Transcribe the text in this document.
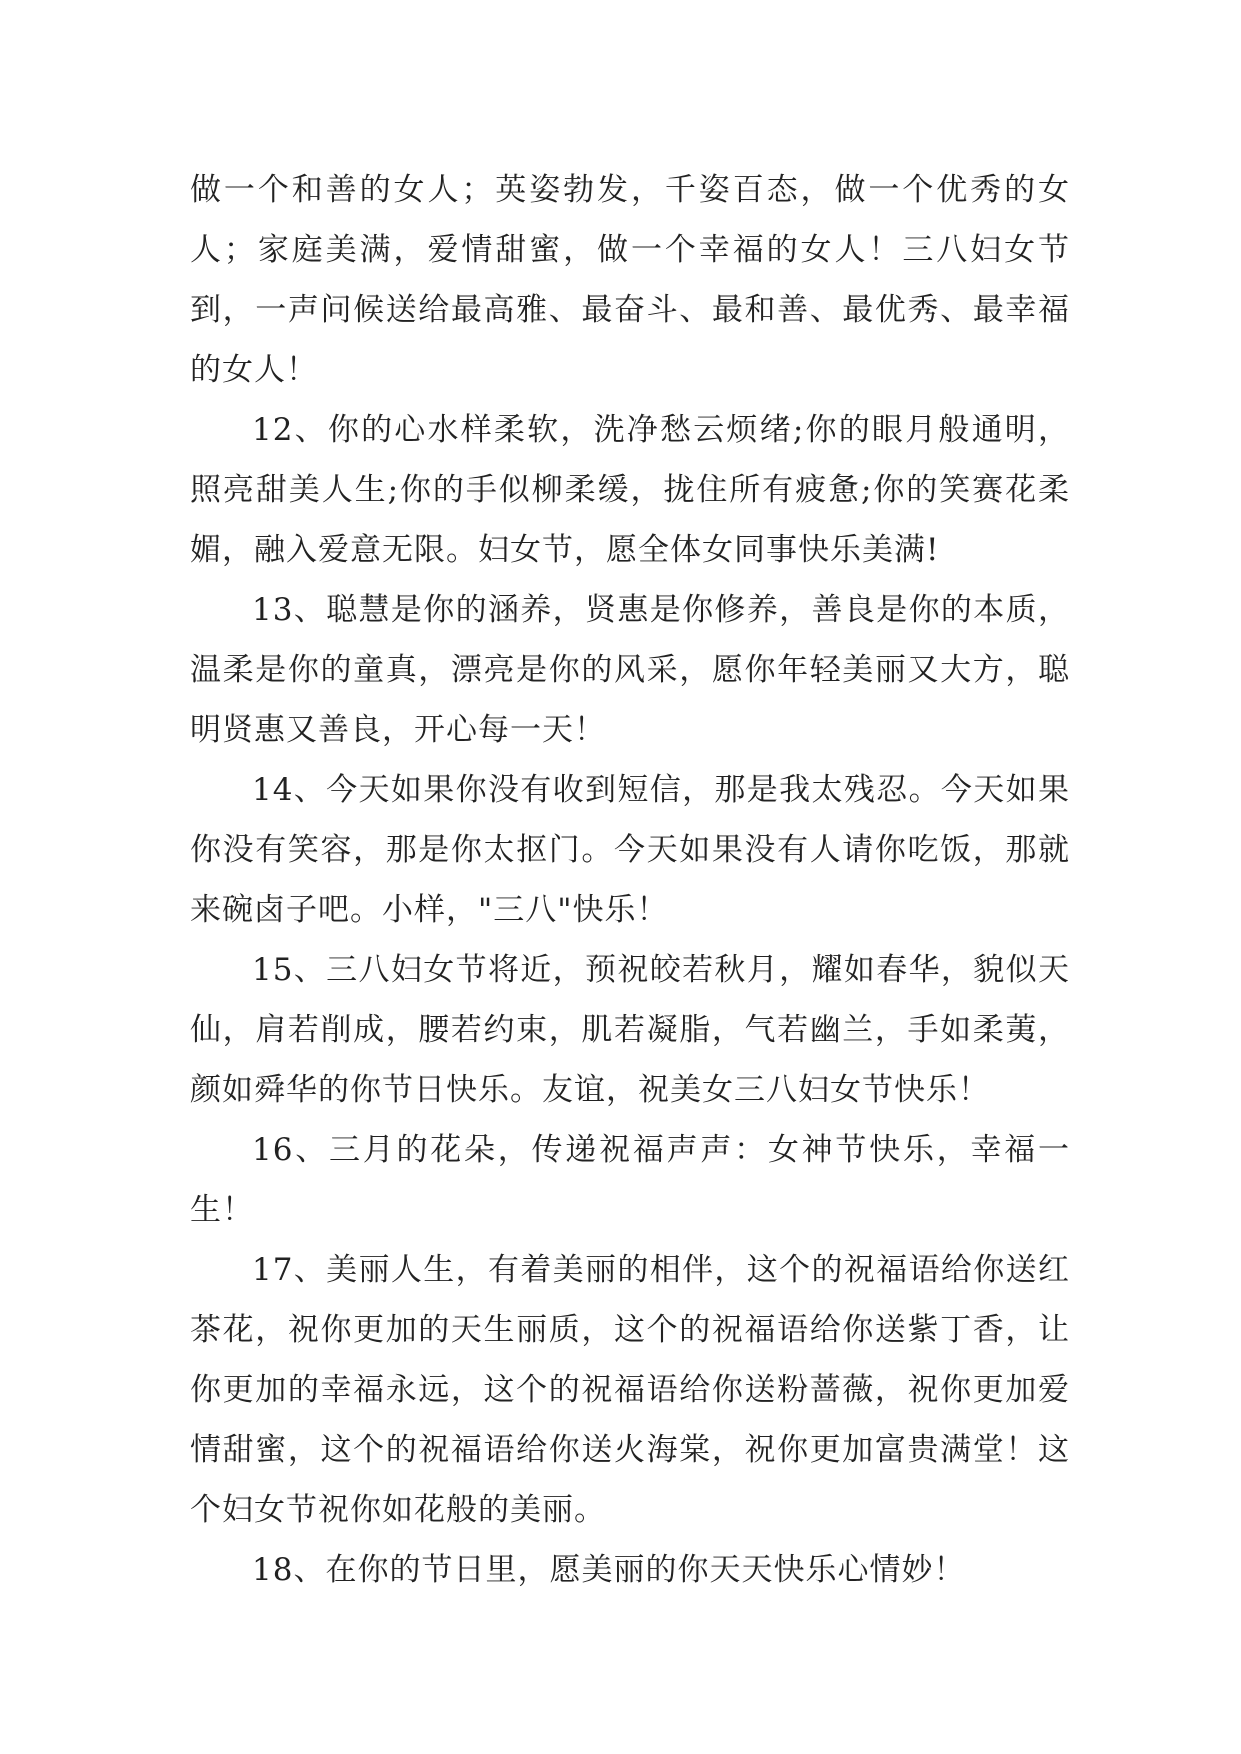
做一个和善的女人；英姿勃发，千姿百态，做一个优秀的女人；家庭美满，爱情甜蜜，做一个幸福的女人！三八妇女节到，一声问候送给最高雅、最奋斗、最和善、最优秀、最幸福的女人！

12、你的心水样柔软，洗净愁云烦绪;你的眼月般通明，照亮甜美人生;你的手似柳柔缓，拢住所有疲惫;你的笑赛花柔媚，融入爱意无限。妇女节，愿全体女同事快乐美满!

13、聪慧是你的涵养，贤惠是你修养，善良是你的本质，温柔是你的童真，漂亮是你的风采，愿你年轻美丽又大方，聪明贤惠又善良，开心每一天！

14、今天如果你没有收到短信，那是我太残忍。今天如果你没有笑容，那是你太抠门。今天如果没有人请你吃饭，那就来碗卤子吧。小样，"三八"快乐！

15、三八妇女节将近，预祝皎若秋月，耀如春华，貌似天仙，肩若削成，腰若约束，肌若凝脂，气若幽兰，手如柔荑，颜如舜华的你节日快乐。友谊，祝美女三八妇女节快乐！

16、三月的花朵，传递祝福声声：女神节快乐，幸福一生！

17、美丽人生，有着美丽的相伴，这个的祝福语给你送红茶花，祝你更加的天生丽质，这个的祝福语给你送紫丁香，让你更加的幸福永远，这个的祝福语给你送粉蔷薇，祝你更加爱情甜蜜，这个的祝福语给你送火海棠，祝你更加富贵满堂！这个妇女节祝你如花般的美丽。

18、在你的节日里，愿美丽的你天天快乐心情妙！
